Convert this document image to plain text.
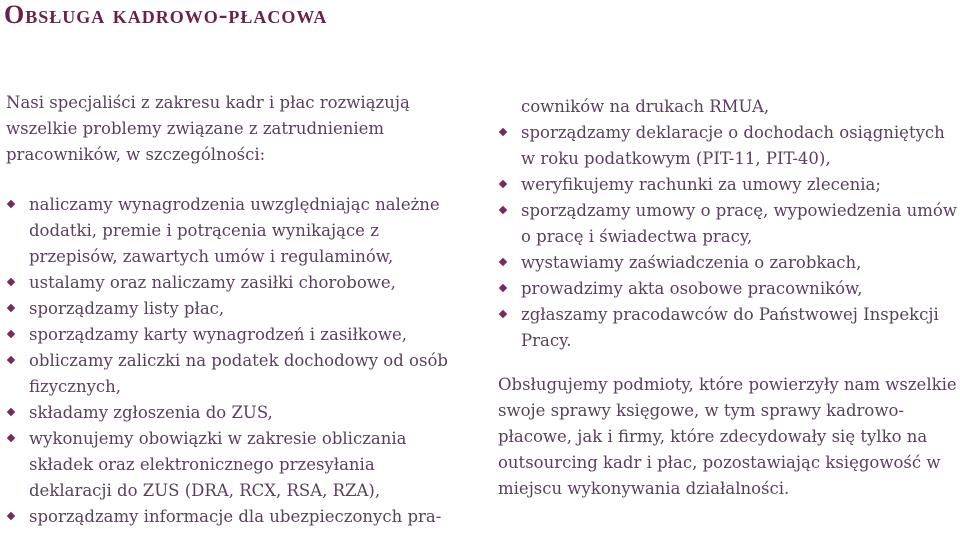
Obsługa kadrowo-płacowa

Nasi specjaliści z zakresu kadr i płac rozwiązują wszelkie problemy związane z zatrudnieniem pracowników, w szczególności:

naliczamy wynagrodzenia uwzględniając należne dodatki, premie i potrącenia wynikające z przepisów, zawartych umów i regulaminów,
ustalamy oraz naliczamy zasiłki chorobowe,
sporządzamy listy płac,
sporządzamy karty wynagrodzeń i zasiłkowe,
obliczamy zaliczki na podatek dochodowy od osób fizycznych,
składamy zgłoszenia do ZUS,
wykonujemy obowiązki w zakresie obliczania składek oraz elektronicznego przesyłania deklaracji do ZUS (DRA, RCX, RSA, RZA),
sporządzamy informacje dla ubezpieczonych pra-
cowników na drukach RMUA,
sporządzamy deklaracje o dochodach osiągniętych w roku podatkowym (PIT-11, PIT-40),
weryfikujemy rachunki za umowy zlecenia;
sporządzamy umowy o pracę, wypowiedzenia umów o pracę i świadectwa pracy,
wystawiamy zaświadczenia o zarobkach,
prowadzimy akta osobowe pracowników,
zgłaszamy pracodawców do Państwowej Inspekcji Pracy.

Obsługujemy podmioty, które powierzyły nam wszelkie swoje sprawy księgowe, w tym sprawy kadrowo-płacowe, jak i firmy, które zdecydowały się tylko na outsourcing kadr i płac, pozostawiając księgowość w miejscu wykonywania działalności.
